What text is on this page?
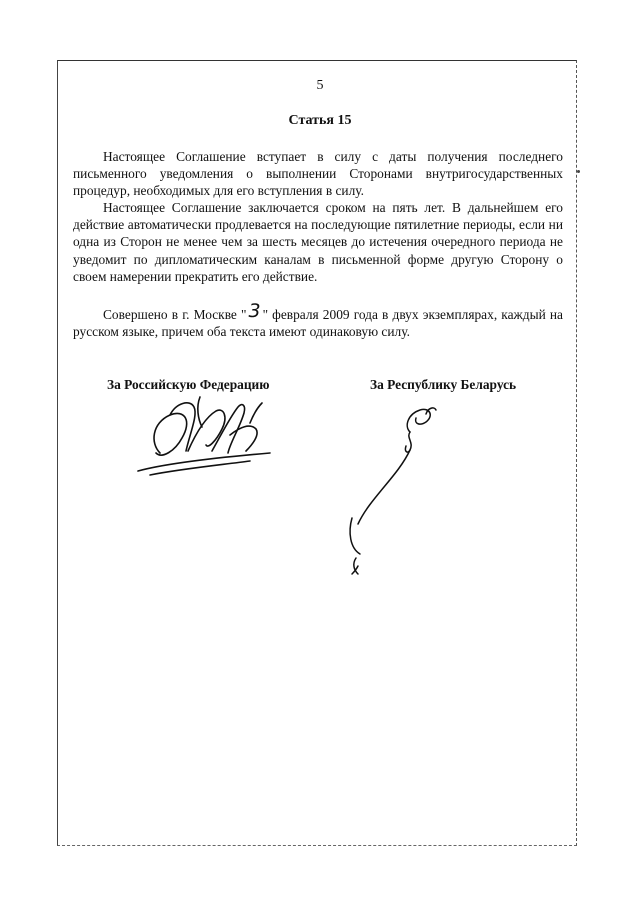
5
Статья 15

Настоящее Соглашение вступает в силу с даты получения последнего письменного уведомления о выполнении Сторонами внутригосударственных процедур, необходимых для его вступления в силу.

Настоящее Соглашение заключается сроком на пять лет. В дальнейшем его действие автоматически продлевается на последующие пятилетние периоды, если ни одна из Сторон не менее чем за шесть месяцев до истечения очередного периода не уведомит по дипломатическим каналам в письменной форме другую Сторону о своем намерении прекратить его действие.

Совершено в г. Москве " 3 " февраля 2009 года в двух экземплярах, каждый на русском языке, причем оба текста имеют одинаковую силу.

За Российскую Федерацию	За Республику Беларусь
